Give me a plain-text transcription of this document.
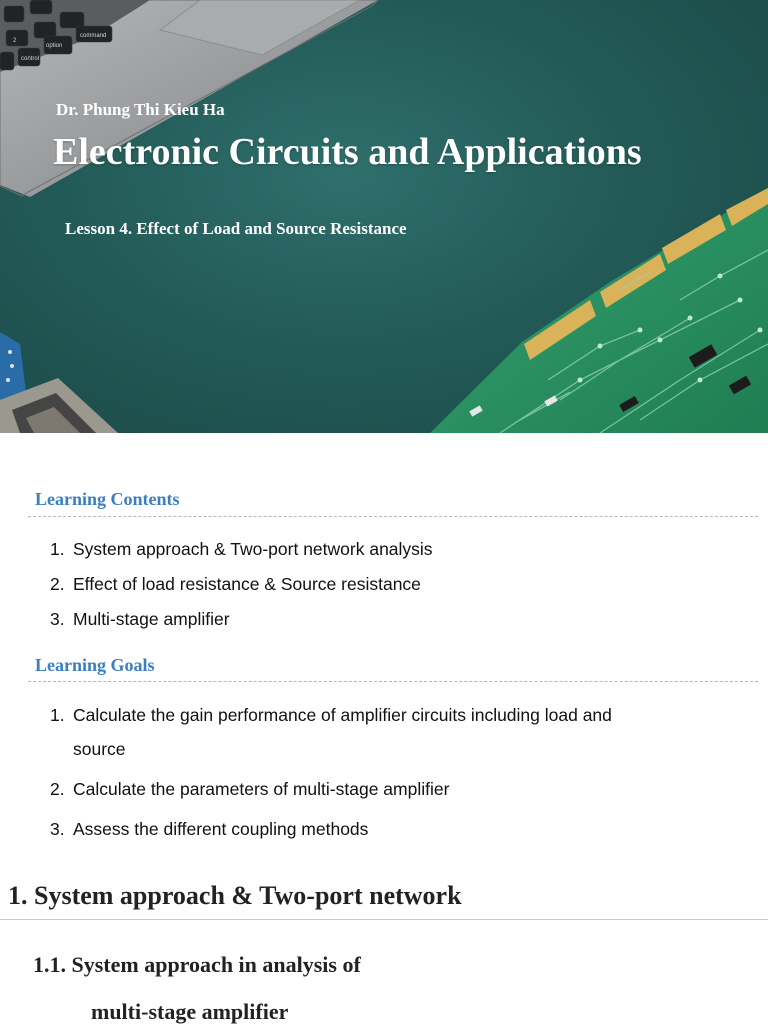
2
option
control
command
Dr. Phung Thi Kieu Ha
Electronic Circuits and Applications
Lesson 4. Effect of Load and Source Resistance
Learning Contents
1. System approach & Two-port network analysis
2. Effect of load resistance & Source resistance
3. Multi-stage amplifier
Learning Goals
1. Calculate the gain performance of amplifier circuits including load and
source
2. Calculate the parameters of multi-stage amplifier
3. Assess the different coupling methods
1. System approach & Two-port network
1.1. System approach in analysis of
multi-stage amplifier
